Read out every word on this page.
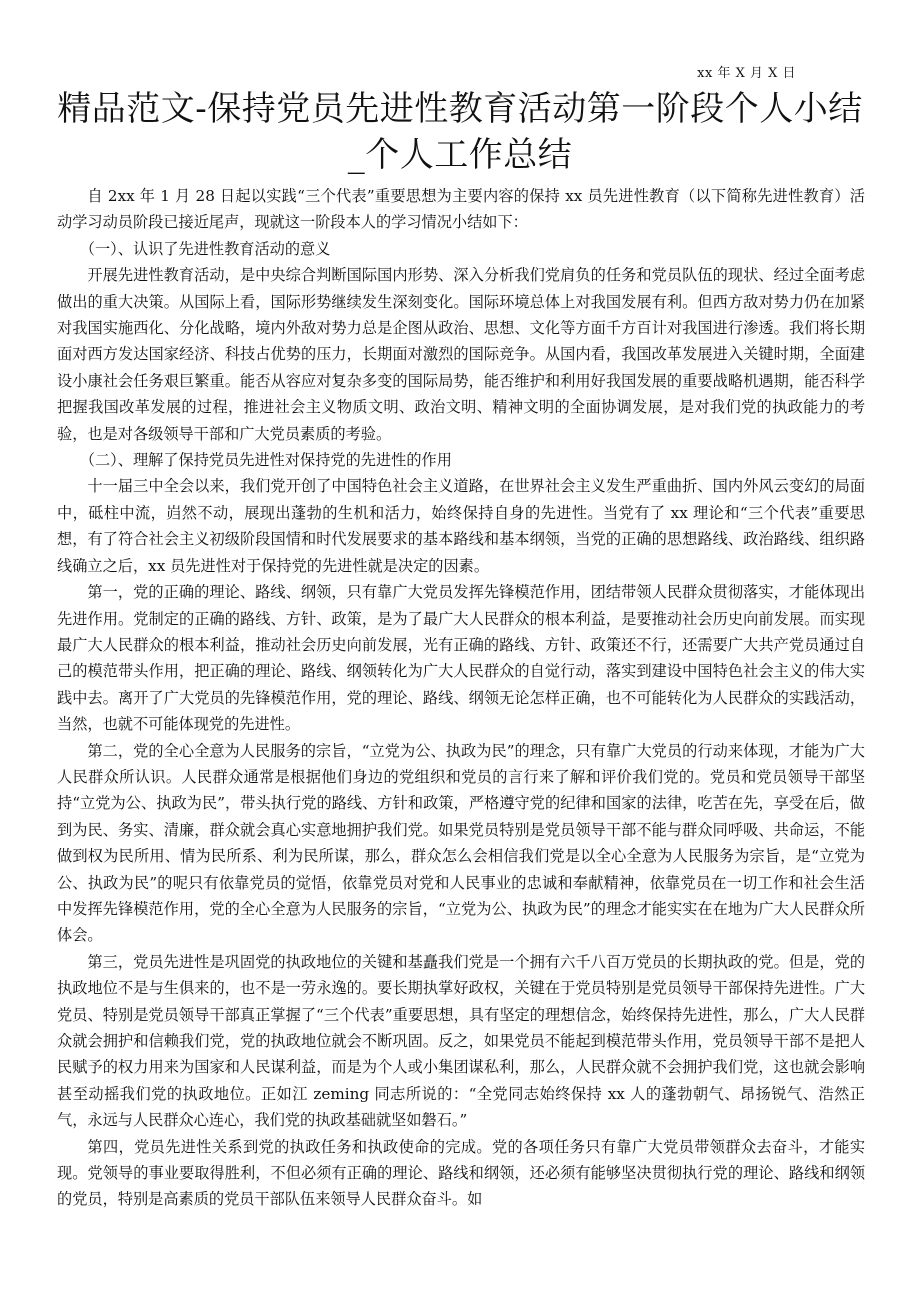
xx 年 X 月 X 日
精品范文-保持党员先进性教育活动第一阶段个人小结
_个人工作总结

自 2xx 年 1 月 28 日起以实践“三个代表”重要思想为主要内容的保持 xx 员先进性教育（以下简称先进性教育）活动学习动员阶段已接近尾声，现就这一阶段本人的学习情况小结如下：

（一）、认识了先进性教育活动的意义

开展先进性教育活动，是中央综合判断国际国内形势、深入分析我们党肩负的任务和党员队伍的现状、经过全面考虑做出的重大决策。从国际上看，国际形势继续发生深刻变化。国际环境总体上对我国发展有利。但西方敌对势力仍在加紧对我国实施西化、分化战略，境内外敌对势力总是企图从政治、思想、文化等方面千方百计对我国进行渗透。我们将长期面对西方发达国家经济、科技占优势的压力，长期面对激烈的国际竞争。从国内看，我国改革发展进入关键时期，全面建设小康社会任务艰巨繁重。能否从容应对复杂多变的国际局势，能否维护和利用好我国发展的重要战略机遇期，能否科学把握我国改革发展的过程，推进社会主义物质文明、政治文明、精神文明的全面协调发展，是对我们党的执政能力的考验，也是对各级领导干部和广大党员素质的考验。

（二）、理解了保持党员先进性对保持党的先进性的作用

十一届三中全会以来，我们党开创了中国特色社会主义道路，在世界社会主义发生严重曲折、国内外风云变幻的局面中，砥柱中流，岿然不动，展现出蓬勃的生机和活力，始终保持自身的先进性。当党有了 xx 理论和“三个代表”重要思想，有了符合社会主义初级阶段国情和时代发展要求的基本路线和基本纲领，当党的正确的思想路线、政治路线、组织路线确立之后，xx 员先进性对于保持党的先进性就是决定的因素。

第一，党的正确的理论、路线、纲领，只有靠广大党员发挥先锋模范作用，团结带领人民群众贯彻落实，才能体现出先进作用。党制定的正确的路线、方针、政策，是为了最广大人民群众的根本利益，是要推动社会历史向前发展。而实现最广大人民群众的根本利益，推动社会历史向前发展，光有正确的路线、方针、政策还不行，还需要广大共产党员通过自己的模范带头作用，把正确的理论、路线、纲领转化为广大人民群众的自觉行动，落实到建设中国特色社会主义的伟大实践中去。离开了广大党员的先锋模范作用，党的理论、路线、纲领无论怎样正确，也不可能转化为人民群众的实践活动，当然，也就不可能体现党的先进性。

第二，党的全心全意为人民服务的宗旨，“立党为公、执政为民”的理念，只有靠广大党员的行动来体现，才能为广大人民群众所认识。人民群众通常是根据他们身边的党组织和党员的言行来了解和评价我们党的。党员和党员领导干部坚持“立党为公、执政为民”，带头执行党的路线、方针和政策，严格遵守党的纪律和国家的法律，吃苦在先，享受在后，做到为民、务实、清廉，群众就会真心实意地拥护我们党。如果党员特别是党员领导干部不能与群众同呼吸、共命运，不能做到权为民所用、情为民所系、利为民所谋，那么，群众怎么会相信我们党是以全心全意为人民服务为宗旨，是“立党为公、执政为民”的呢只有依靠党员的觉悟，依靠党员对党和人民事业的忠诚和奉献精神，依靠党员在一切工作和社会生活中发挥先锋模范作用，党的全心全意为人民服务的宗旨，“立党为公、执政为民”的理念才能实实在在地为广大人民群众所体会。

第三，党员先进性是巩固党的执政地位的关键和基矗我们党是一个拥有六千八百万党员的长期执政的党。但是，党的执政地位不是与生俱来的，也不是一劳永逸的。要长期执掌好政权，关键在于党员特别是党员领导干部保持先进性。广大党员、特别是党员领导干部真正掌握了“三个代表”重要思想，具有坚定的理想信念，始终保持先进性，那么，广大人民群众就会拥护和信赖我们党，党的执政地位就会不断巩固。反之，如果党员不能起到模范带头作用，党员领导干部不是把人民赋予的权力用来为国家和人民谋利益，而是为个人或小集团谋私利，那么，人民群众就不会拥护我们党，这也就会影响甚至动摇我们党的执政地位。正如江 zeming 同志所说的：“全党同志始终保持 xx 人的蓬勃朝气、昂扬锐气、浩然正气，永远与人民群众心连心，我们党的执政基础就坚如磐石。”

第四，党员先进性关系到党的执政任务和执政使命的完成。党的各项任务只有靠广大党员带领群众去奋斗，才能实现。党领导的事业要取得胜利，不但必须有正确的理论、路线和纲领，还必须有能够坚决贯彻执行党的理论、路线和纲领的党员，特别是高素质的党员干部队伍来领导人民群众奋斗。如
